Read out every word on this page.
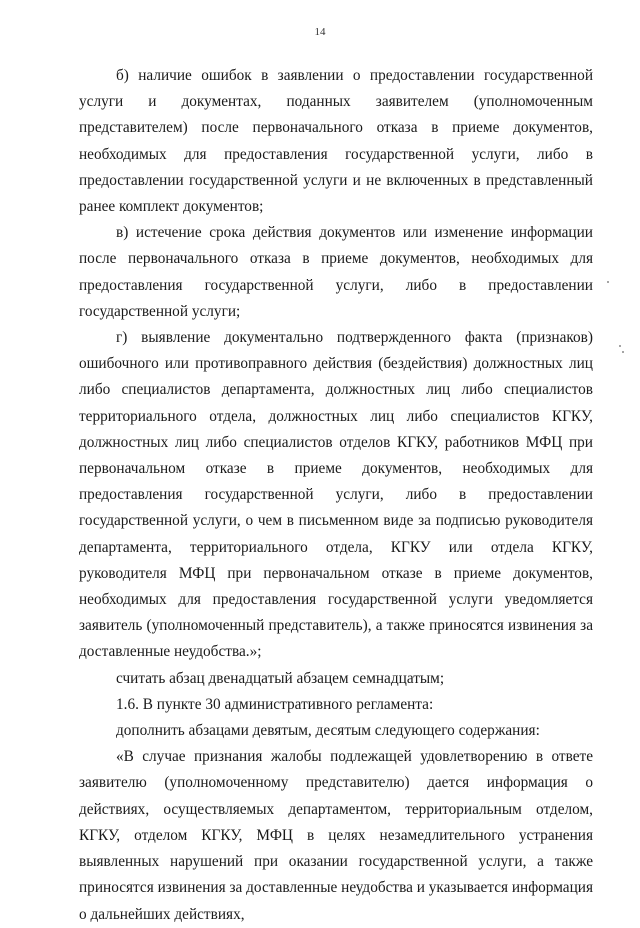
14

б) наличие ошибок в заявлении о предоставлении государственной услуги и документах, поданных заявителем (уполномоченным представителем) после первоначального отказа в приеме документов, необходимых для предоставления государственной услуги, либо в предоставлении государственной услуги и не включенных в представленный ранее комплект документов;

в) истечение срока действия документов или изменение информации после первоначального отказа в приеме документов, необходимых для предоставления государственной услуги, либо в предоставлении государственной услуги;

г) выявление документально подтвержденного факта (признаков) ошибочного или противоправного действия (бездействия) должностных лиц либо специалистов департамента, должностных лиц либо специалистов территориального отдела, должностных лиц либо специалистов КГКУ, должностных лиц либо специалистов отделов КГКУ, работников МФЦ при первоначальном отказе в приеме документов, необходимых для предоставления государственной услуги, либо в предоставлении государственной услуги, о чем в письменном виде за подписью руководителя департамента, территориального отдела, КГКУ или отдела КГКУ, руководителя МФЦ при первоначальном отказе в приеме документов, необходимых для предоставления государственной услуги уведомляется заявитель (уполномоченный представитель), а также приносятся извинения за доставленные неудобства.»;

считать абзац двенадцатый абзацем семнадцатым;

1.6. В пункте 30 административного регламента:

дополнить абзацами девятым, десятым следующего содержания:

«В случае признания жалобы подлежащей удовлетворению в ответе заявителю (уполномоченному представителю) дается информация о действиях, осуществляемых департаментом, территориальным отделом, КГКУ, отделом КГКУ, МФЦ в целях незамедлительного устранения выявленных нарушений при оказании государственной услуги, а также приносятся извинения за доставленные неудобства и указывается информация о дальнейших действиях,
